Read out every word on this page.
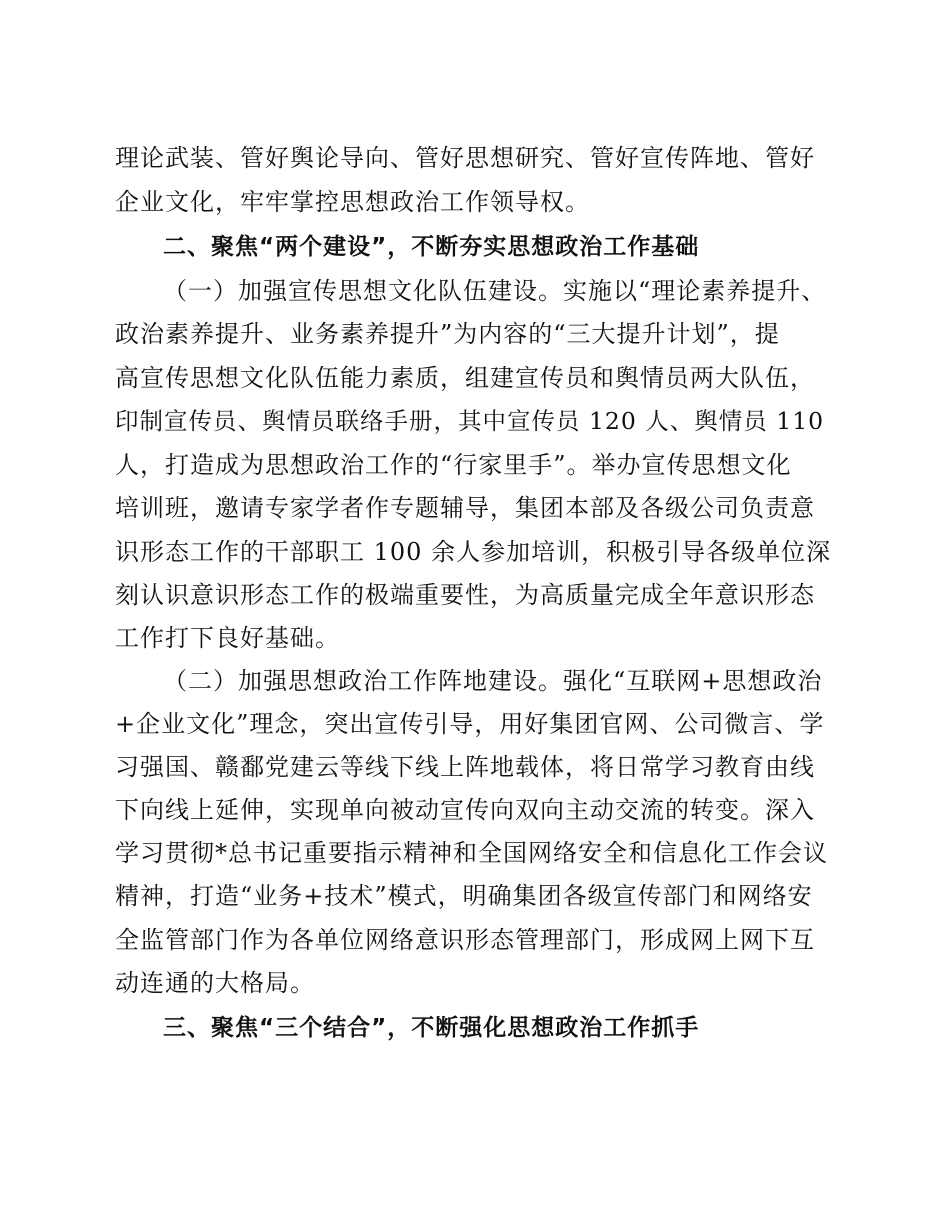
理论武装、管好舆论导向、管好思想研究、管好宣传阵地、管好
企业文化，牢牢掌控思想政治工作领导权。
二、聚焦“两个建设”，不断夯实思想政治工作基础
（一）加强宣传思想文化队伍建设。实施以“理论素养提升、
政治素养提升、业务素养提升”为内容的“三大提升计划”，提
高宣传思想文化队伍能力素质，组建宣传员和舆情员两大队伍，
印制宣传员、舆情员联络手册，其中宣传员 120 人、舆情员 110
人，打造成为思想政治工作的“行家里手”。举办宣传思想文化
培训班，邀请专家学者作专题辅导，集团本部及各级公司负责意
识形态工作的干部职工 100 余人参加培训，积极引导各级单位深
刻认识意识形态工作的极端重要性，为高质量完成全年意识形态
工作打下良好基础。
（二）加强思想政治工作阵地建设。强化“互联网+思想政治
+企业文化”理念，突出宣传引导，用好集团官网、公司微言、学
习强国、赣鄱党建云等线下线上阵地载体，将日常学习教育由线
下向线上延伸，实现单向被动宣传向双向主动交流的转变。深入
学习贯彻*总书记重要指示精神和全国网络安全和信息化工作会议
精神，打造“业务+技术”模式，明确集团各级宣传部门和网络安
全监管部门作为各单位网络意识形态管理部门，形成网上网下互
动连通的大格局。
三、聚焦“三个结合”，不断强化思想政治工作抓手
